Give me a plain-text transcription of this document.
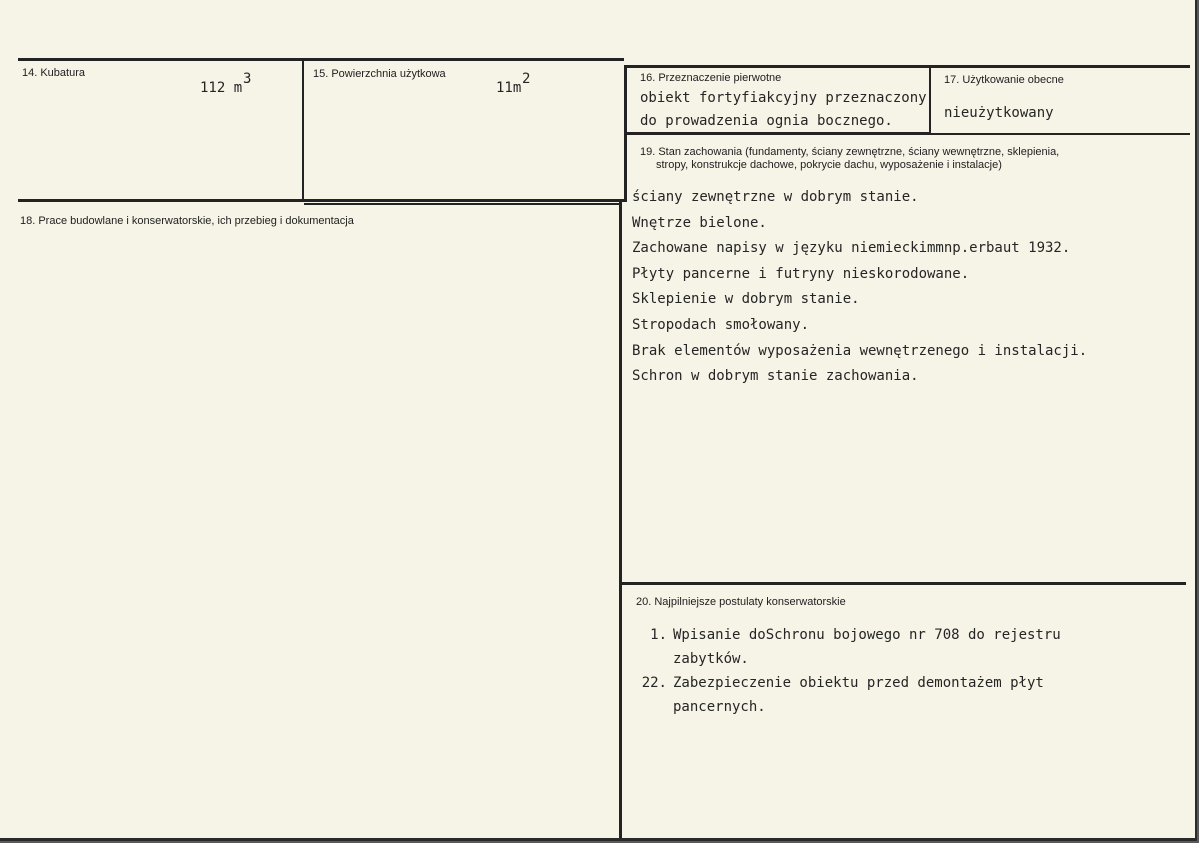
14. Kubatura
112 m
3	15. Powierzchnia użytkowa
11m
2	16. Przeznaczenie pierwotne
obiekt fortyfiakcyjny przeznaczony
do prowadzenia ognia bocznego.
17. Użytkowanie obecne
nieużytkowany
18. Prace budowlane i konserwatorskie, ich przebieg i dokumentacja
19. Stan zachowania (fundamenty, ściany zewnętrzne, ściany wewnętrzne, sklepienia,
stropy, konstrukcje dachowe, pokrycie dachu, wyposażenie i instalacje)
ściany zewnętrzne w dobrym stanie.
Wnętrze bielone.
Zachowane napisy w języku niemieckimmnp.erbaut 1932.
Płyty pancerne i futryny nieskorodowane.
Sklepienie w dobrym stanie.
Stropodach smołowany.
Brak elementów wyposażenia wewnętrzenego i instalacji.
Schron w dobrym stanie zachowania.
20. Najpilniejsze postulaty konserwatorskie
1. Wpisanie doSchronu bojowego nr 708 do rejestru zabytków.
22. Zabezpieczenie obiektu przed demontażem płyt pancernych.
